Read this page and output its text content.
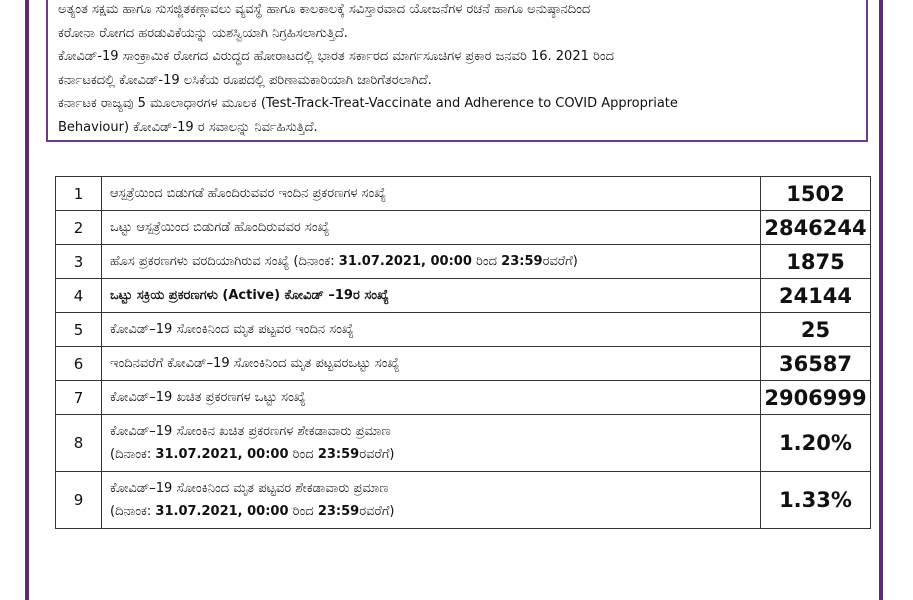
ಅತ್ಯಂತ ಸಕ್ಷಮ ಹಾಗೂ ಸುಸಜ್ಜಿತಕಣ್ಗಾವಲು ವ್ಯವಸ್ಥೆ ಹಾಗೂ ಕಾಲಕಾಲಕ್ಕೆ ಸವಿಸ್ತಾರವಾದ ಯೋಜನೆಗಳ ರಚನೆ ಹಾಗೂ ಅನುಷ್ಠಾನದಿಂದ

ಕರೋನಾ ರೋಗದ ಹರಡುವಿಕೆಯನ್ನು ಯಶಸ್ವಿಯಾಗಿ ನಿಗ್ರಹಿಸಲಾಗುತ್ತಿದೆ.

ಕೋವಿಡ್-19 ಸಾಂಕ್ರಾಮಿಕ ರೋಗದ ವಿರುದ್ಧದ ಹೋರಾಟದಲ್ಲಿ ಭಾರತ ಸರ್ಕಾರದ ಮಾರ್ಗಸೂಚಿಗಳ ಪ್ರಕಾರ ಜನವರಿ 16. 2021 ರಿಂದ

ಕರ್ನಾಟಕದಲ್ಲಿ ಕೋವಿಡ್-19 ಲಸಿಕೆಯ ರೂಪದಲ್ಲಿ ಪರಿಣಾಮಕಾರಿಯಾಗಿ ಜಾರಿಗೆತರಲಾಗಿದೆ.

ಕರ್ನಾಟಕ ರಾಜ್ಯವು 5 ಮೂಲಾಧಾರಗಳ ಮೂಲಕ (Test-Track-Treat-Vaccinate and Adherence to COVID Appropriate

Behaviour) ಕೋವಿಡ್-19 ರ ಸವಾಲನ್ನು ನಿರ್ವಹಿಸುತ್ತಿದೆ.

1	ಆಸ್ಪತ್ರೆಯಿಂದ ಬಿಡುಗಡೆ ಹೊಂದಿರುವವರ ಇಂದಿನ ಪ್ರಕರಣಗಳ ಸಂಖ್ಯೆ	1502
2	ಒಟ್ಟು ಆಸ್ಪತ್ರೆಯಿಂದ ಬಿಡುಗಡೆ ಹೊಂದಿರುವವರ ಸಂಖ್ಯೆ	2846244
3	ಹೊಸ ಪ್ರಕರಣಗಳು ವರದಿಯಾಗಿರುವ ಸಂಖ್ಯೆ (ದಿನಾಂಕ: 31.07.2021, 00:00 ರಿಂದ 23:59ರವರೆಗೆ)	1875
4	ಒಟ್ಟು ಸಕ್ರಿಯ ಪ್ರಕರಣಗಳು (Active) ಕೋವಿಡ್ –19ರ ಸಂಖ್ಯೆ	24144
5	ಕೋವಿಡ್–19 ಸೋಂಕಿನಿಂದ ಮೃತ ಪಟ್ಟವರ ಇಂದಿನ ಸಂಖ್ಯೆ	25
6	ಇಂದಿನವರೆಗೆ ಕೋವಿಡ್–19 ಸೋಂಕಿನಿಂದ ಮೃತ ಪಟ್ಟವರಒಟ್ಟು ಸಂಖ್ಯೆ	36587
7	ಕೋವಿಡ್–19 ಖಚಿತ ಪ್ರಕರಣಗಳ ಒಟ್ಟು ಸಂಖ್ಯೆ	2906999
8	ಕೋವಿಡ್–19 ಸೋಂಕಿನ ಖಚಿತ ಪ್ರಕರಣಗಳ ಶೇಕಡಾವಾರು ಪ್ರಮಾಣ
(ದಿನಾಂಕ: 31.07.2021, 00:00 ರಿಂದ 23:59ರವರೆಗೆ)	1.20%
9	ಕೋವಿಡ್–19 ಸೋಂಕಿನಿಂದ ಮೃತ ಪಟ್ಟವರ ಶೇಕಡಾವಾರು ಪ್ರಮಾಣ
(ದಿನಾಂಕ: 31.07.2021, 00:00 ರಿಂದ 23:59ರವರೆಗೆ)	1.33%
